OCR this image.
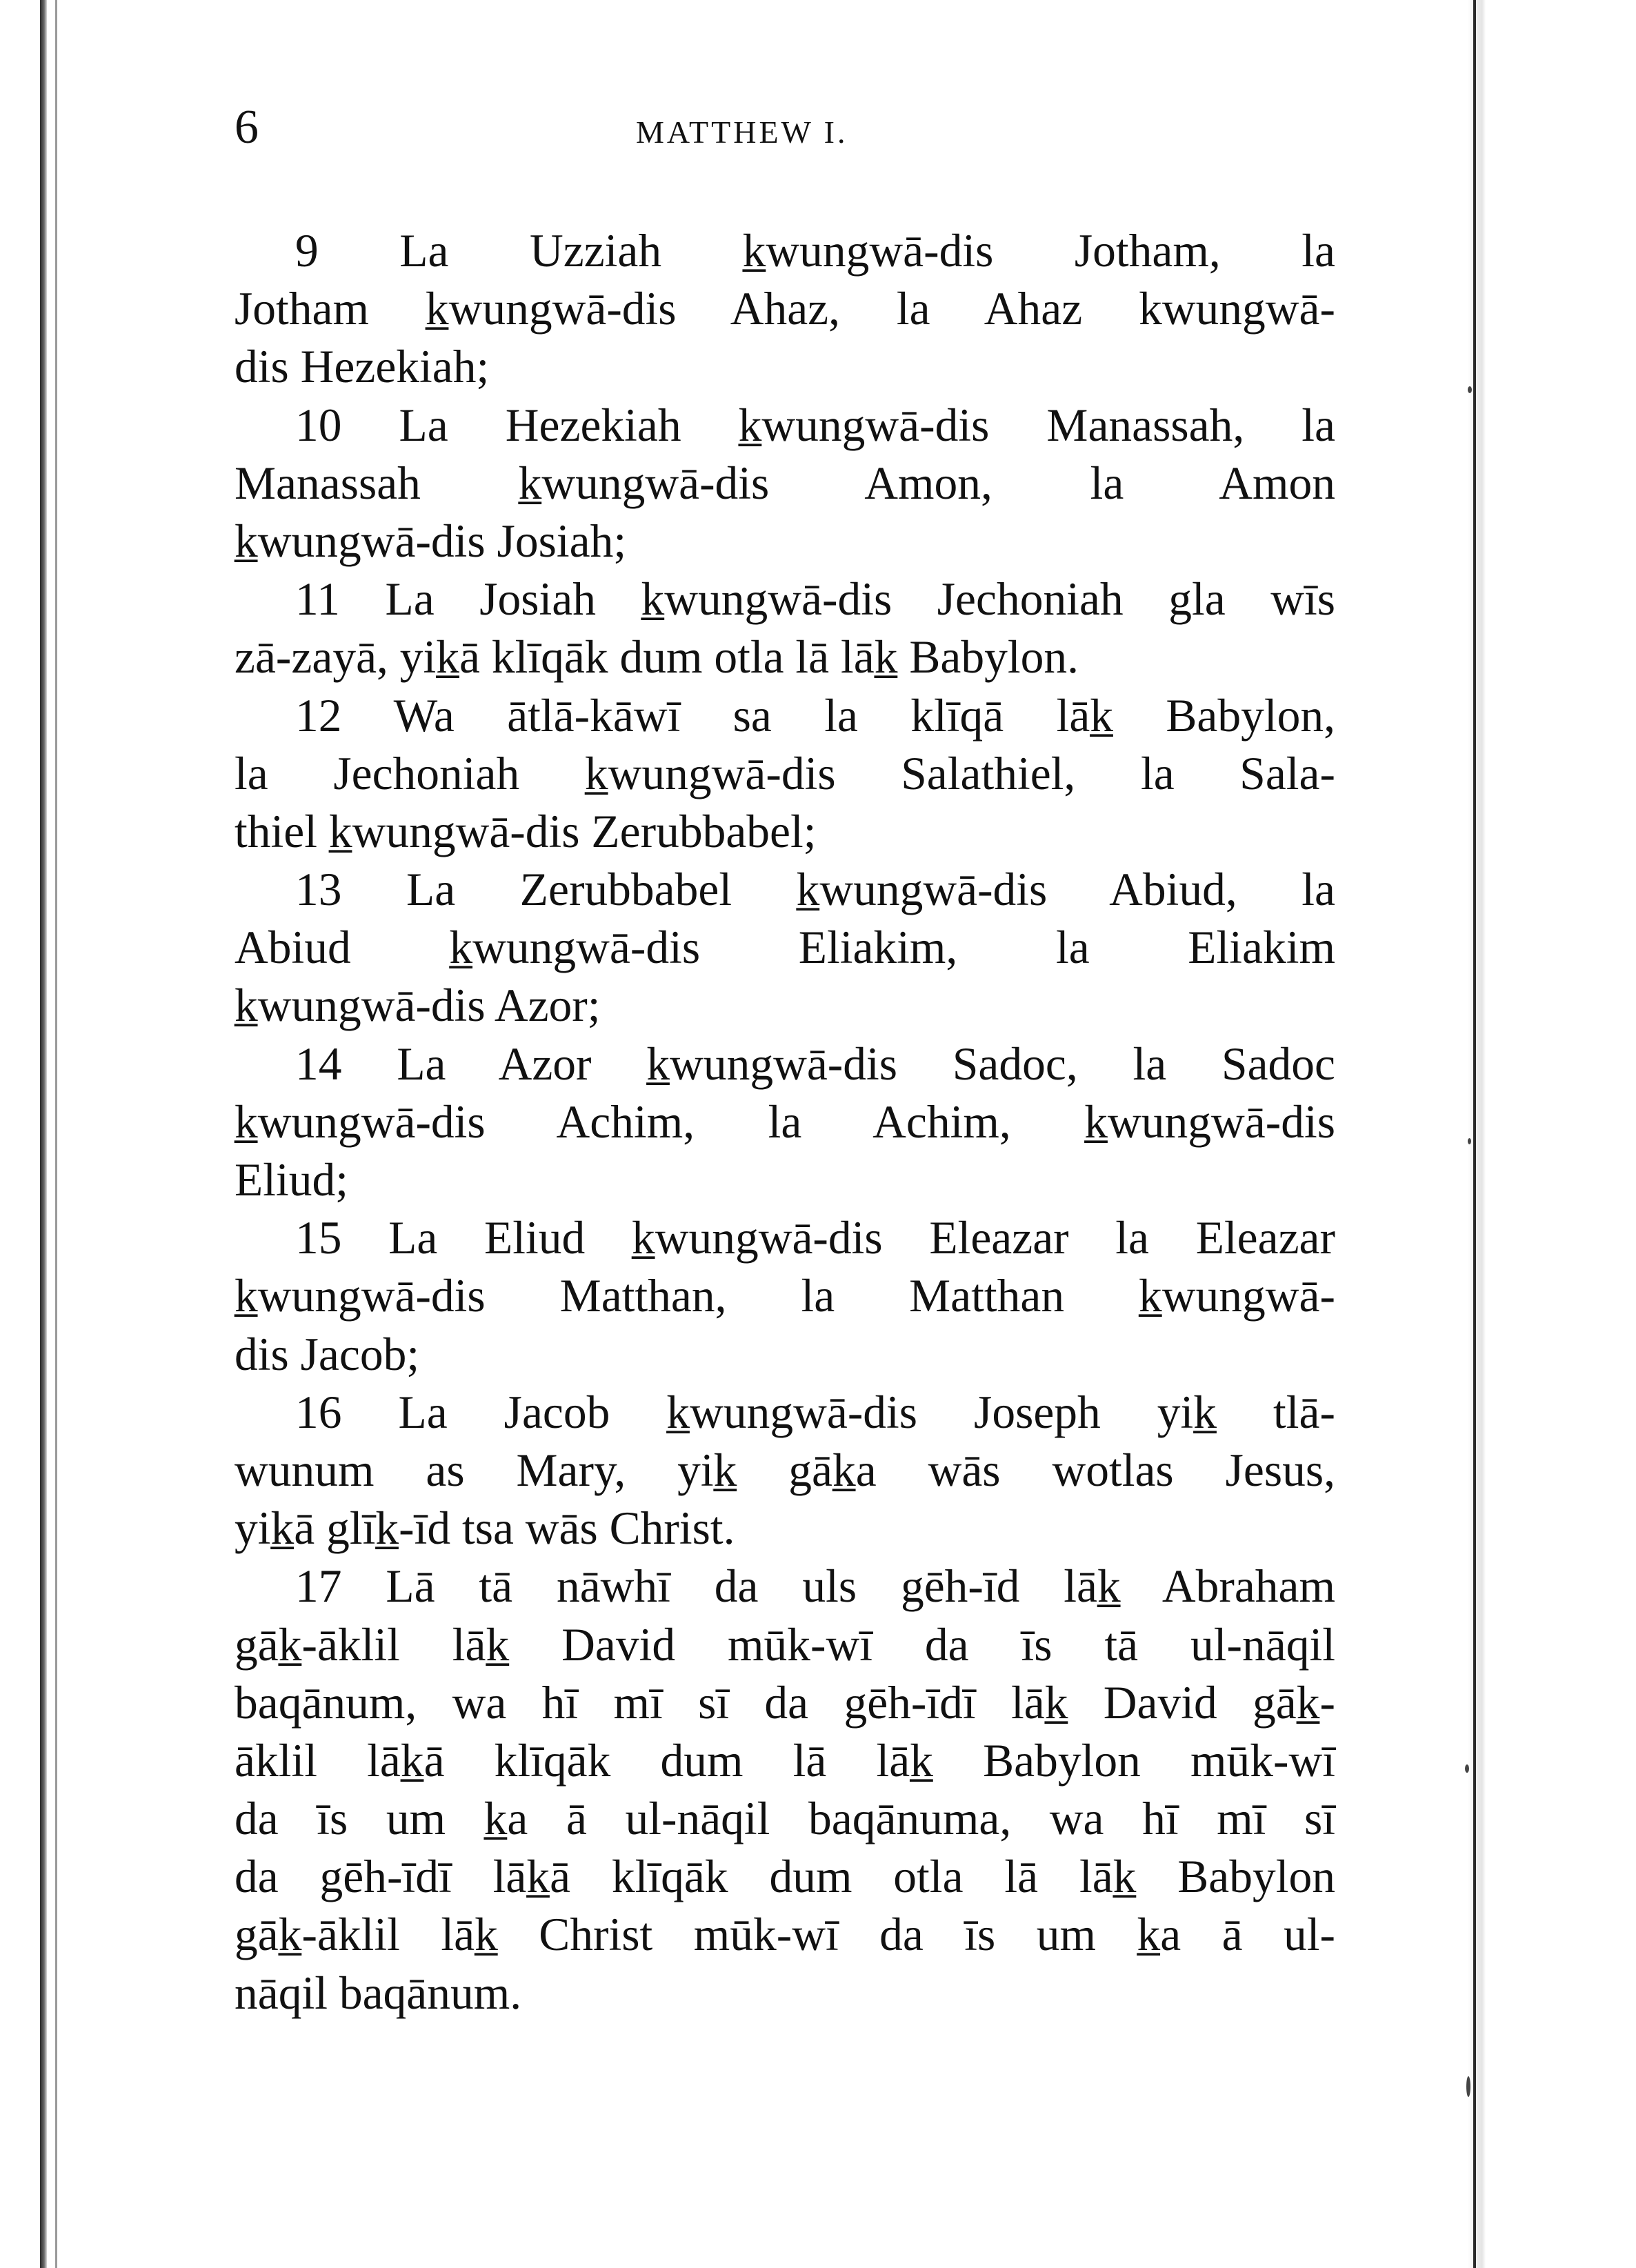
6	MATTHEW I.
9 La Uzziah k̲wungwā-dis Jotham, la
Jotham k̲wungwā-dis Ahaz, la Ahaz kwungwā-
dis Hezekiah;
10 La Hezekiah k̲wungwā-dis Manassah, la
Manassah k̲wungwā-dis Amon, la Amon
k̲wungwā-dis Josiah;
11 La Josiah k̲wungwā-dis Jechoniah gla wīs
zā-zayā, yik̲ā klīqāk dum otla lā lāk̲ Babylon.
12 Wa ātlā-kāwī sa la klīqā lāk̲ Babylon,
la Jechoniah k̲wungwā-dis Salathiel, la Sala-
thiel k̲wungwā-dis Zerubbabel;
13 La Zerubbabel k̲wungwā-dis Abiud, la
Abiud k̲wungwā-dis Eliakim, la Eliakim
k̲wungwā-dis Azor;
14 La Azor k̲wungwā-dis Sadoc, la Sadoc
k̲wungwā-dis Achim, la Achim, k̲wungwā-dis
Eliud;
15 La Eliud k̲wungwā-dis Eleazar la Eleazar
k̲wungwā-dis Matthan, la Matthan k̲wungwā-
dis Jacob;
16 La Jacob k̲wungwā-dis Joseph yik̲ tlā-
wunum as Mary, yik̲ gāk̲a wās wotlas Jesus,
yik̲ā glīk̲-īd tsa wās Christ.
17 Lā tā nāwhī da uls gēh-īd lāk̲ Abraham
gāk̲-āklil lāk̲ David mūk-wī da īs tā ul-nāqil
baqānum, wa hī mī sī da gēh-īdī lāk̲ David gāk̲-
āklil lāk̲ā klīqāk dum lā lāk̲ Babylon mūk-wī
da īs um k̲a ā ul-nāqil baqānuma, wa hī mī sī
da gēh-īdī lāk̲ā klīqāk dum otla lā lāk̲ Babylon
gāk̲-āklil lāk̲ Christ mūk-wī da īs um k̲a ā ul-
nāqil baqānum.
